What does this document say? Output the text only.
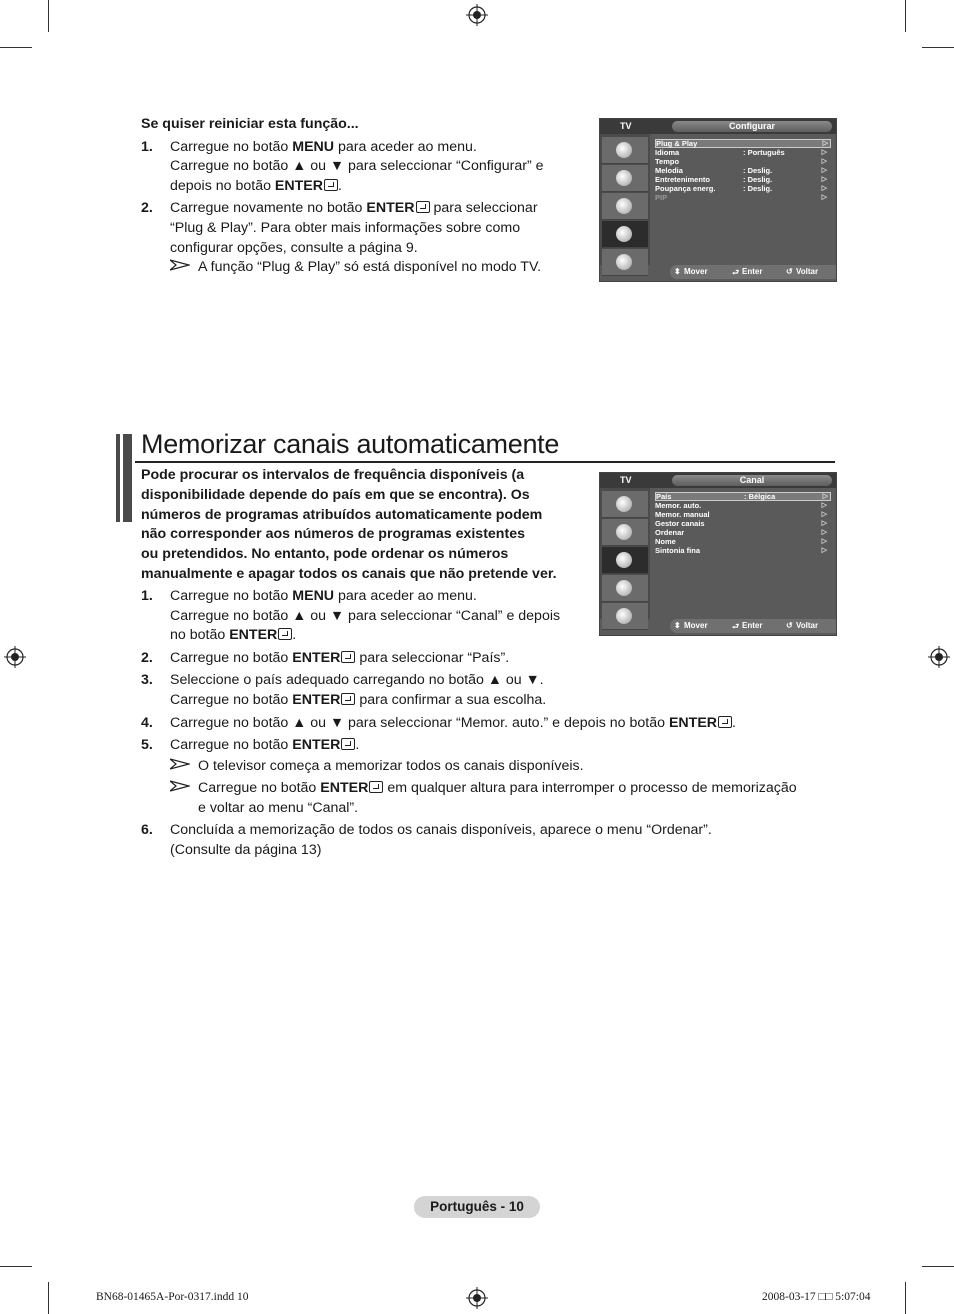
Se quiser reiniciar esta função...
1. Carregue no botão MENU para aceder ao menu.
Carregue no botão ▲ ou ▼ para seleccionar “Configurar” e
depois no botão ENTER .
2. Carregue novamente no botão ENTER para seleccionar
“Plug & Play”. Para obter mais informações sobre como
configurar opções, consulte a página 9.
A função “Plug & Play” só está disponível no modo TV.
TV	Configurar
Plug & Play	▷
Idioma	: Português	▷
Tempo	▷
Melodia	: Deslig.	▷
Entretenimento	: Deslig.	▷
Poupança energ.	: Deslig.	▷
PIP	▷
⬍ Mover	⮐ Enter	↺ Voltar
Memorizar canais automaticamente
Pode procurar os intervalos de frequência disponíveis (a
disponibilidade depende do país em que se encontra). Os
números de programas atribuídos automaticamente podem
não corresponder aos números de programas existentes
ou pretendidos. No entanto, pode ordenar os números
manualmente e apagar todos os canais que não pretende ver.
TV	Canal
País	: Bélgica	▷
Memor. auto.	▷
Memor. manual	▷
Gestor canais	▷
Ordenar	▷
Nome	▷
Sintonia fina	▷
⬍ Mover	⮐ Enter	↺ Voltar
1. Carregue no botão MENU para aceder ao menu.
Carregue no botão ▲ ou ▼ para seleccionar “Canal” e depois
no botão ENTER .
2. Carregue no botão ENTER para seleccionar “País”.
3. Seleccione o país adequado carregando no botão ▲ ou ▼.
Carregue no botão ENTER para confirmar a sua escolha.
4. Carregue no botão ▲ ou ▼ para seleccionar “Memor. auto.” e depois no botão ENTER .
5. Carregue no botão ENTER .
O televisor começa a memorizar todos os canais disponíveis.
Carregue no botão ENTER em qualquer altura para interromper o processo de memorização
e voltar ao menu “Canal”.
6. Concluída a memorização de todos os canais disponíveis, aparece o menu “Ordenar”.
(Consulte da página 13)
Português - 10
BN68-01465A-Por-0317.indd 10	2008-03-17 □□ 5:07:04
